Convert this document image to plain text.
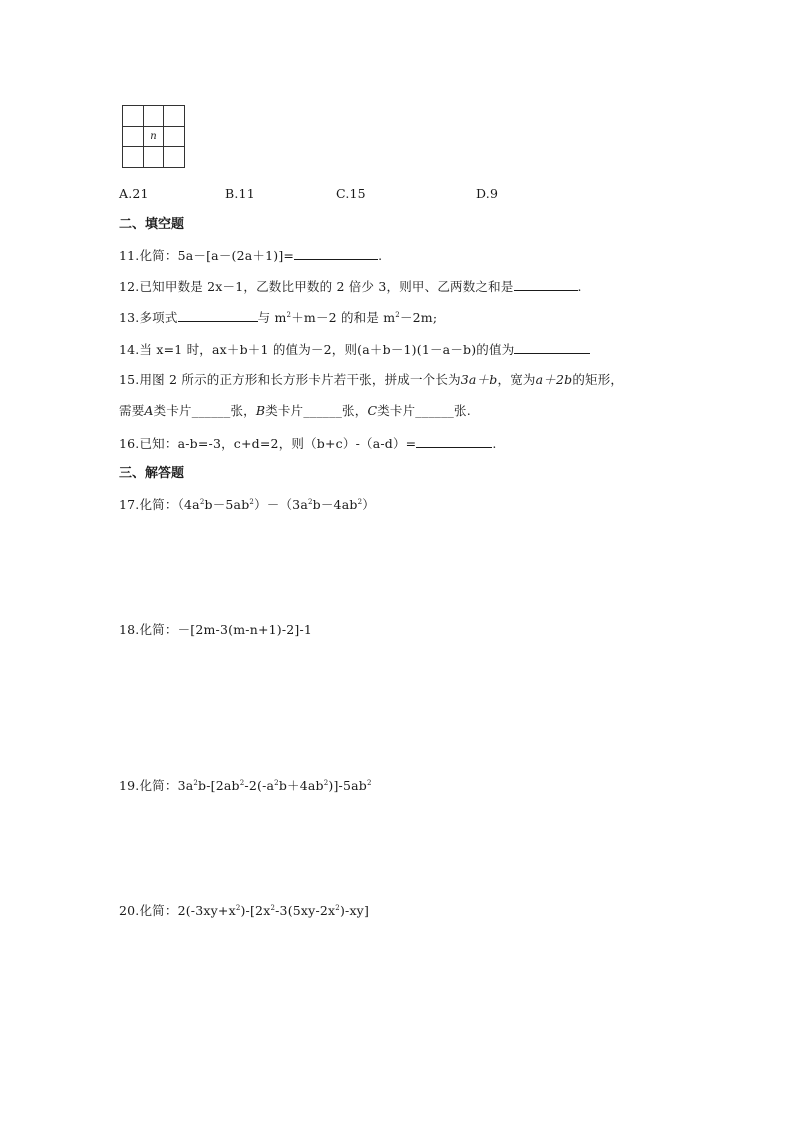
n
A.21	B.11	C.15	D.9
二、填空题
11.化简：5a－[a－(2a＋1)]=	.
12.已知甲数是 2x－1，乙数比甲数的 2 倍少 3，则甲、乙两数之和是	.
13.多项式	与 $m^2+m-2$ 的和是 $m^2-2m$;
14.当 x=1 时，ax＋b＋1 的值为－2，则(a＋b－1)(1－a－b)的值为
15.用图 2 所示的正方形和长方形卡片若干张，拼成一个长为3a＋b，宽为a＋2b的矩形，
需要A类卡片______张，B类卡片______张，C类卡片______张.
16.已知：a-b=-3，c+d=2，则（b+c）-（a-d）=	.
三、解答题
17.化简：$(4a^2b-5ab^2)-(3a^2b-4ab^2)$
18.化简：－[2m-3(m-n+1)-2]-1
19.化简：$3a^2b-[2ab^2-2(-a^2b+4ab^2)]-5ab^2$
20.化简：$2(-3xy+x^2)-[2x^2-3(5xy-2x^2)-xy]$
